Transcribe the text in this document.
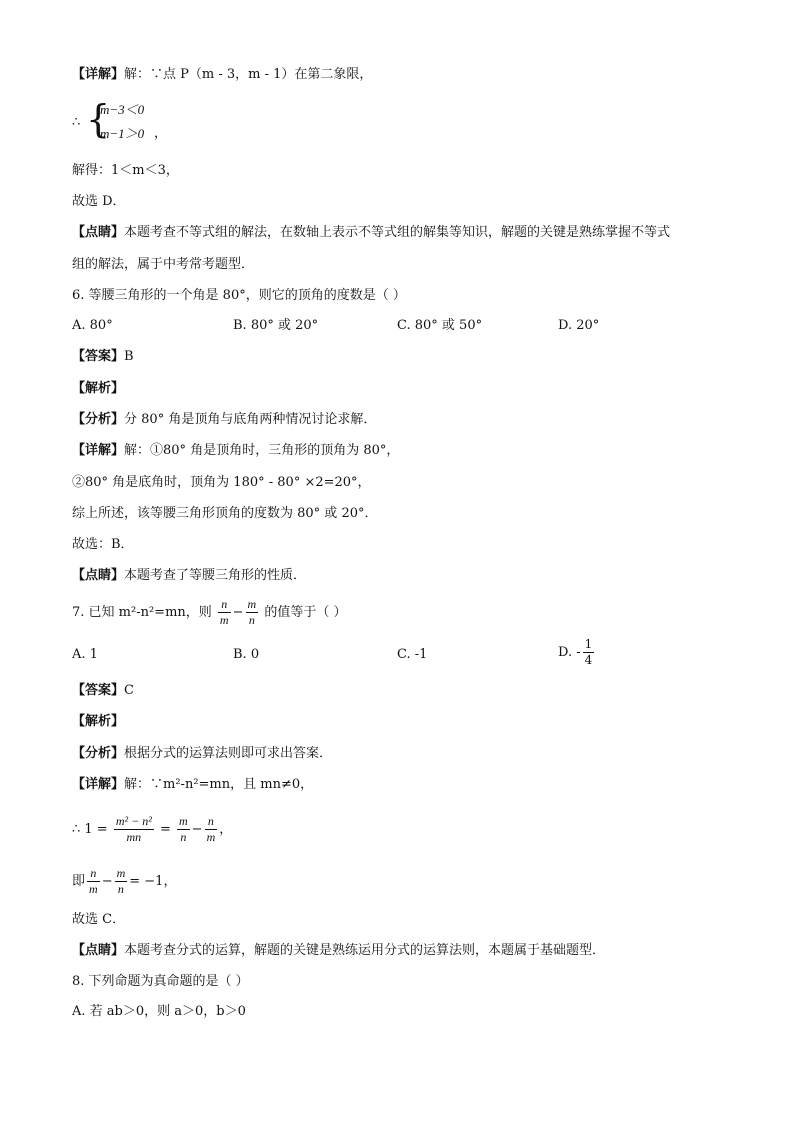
【详解】解：∵点 P（m - 3，m - 1）在第二象限，
∴ {
m−3＜0
m−1＞0 ，
解得：1＜m＜3，
故选 D．
【点睛】本题考查不等式组的解法，在数轴上表示不等式组的解集等知识，解题的关键是熟练掌握不等式
组的解法，属于中考常考题型．
6. 等腰三角形的一个角是 80°，则它的顶角的度数是（ ）
A. 80°	B. 80° 或 20°	C. 80° 或 50°	D. 20°
【答案】B
【解析】
【分析】分 80° 角是顶角与底角两种情况讨论求解．
【详解】解：①80° 角是顶角时，三角形的顶角为 80°，
②80° 角是底角时，顶角为 180° - 80° ×2=20°，
综上所述，该等腰三角形顶角的度数为 80° 或 20°．
故选：B．
【点睛】本题考查了等腰三角形的性质．
7. 已知 m²-n²=mn，则 $\frac{n}{m} - \frac{m}{n}$ 的值等于（ ）
A. 1	B. 0	C. -1	D. - $\frac{1}{4}$
【答案】C
【解析】
【分析】根据分式的运算法则即可求出答案．
【详解】解：∵m²-n²=mn，且 mn≠0，
∴ $1 = \frac{\text{m² − n²}}{mn} = \frac{m}{n} - \frac{n}{m}$ ，
即 $\frac{n}{m} - \frac{m}{n} = -1$，
故选 C．
【点睛】本题考查分式的运算，解题的关键是熟练运用分式的运算法则，本题属于基础题型．
8. 下列命题为真命题的是（ ）
A. 若 ab＞0，则 a＞0，b＞0
